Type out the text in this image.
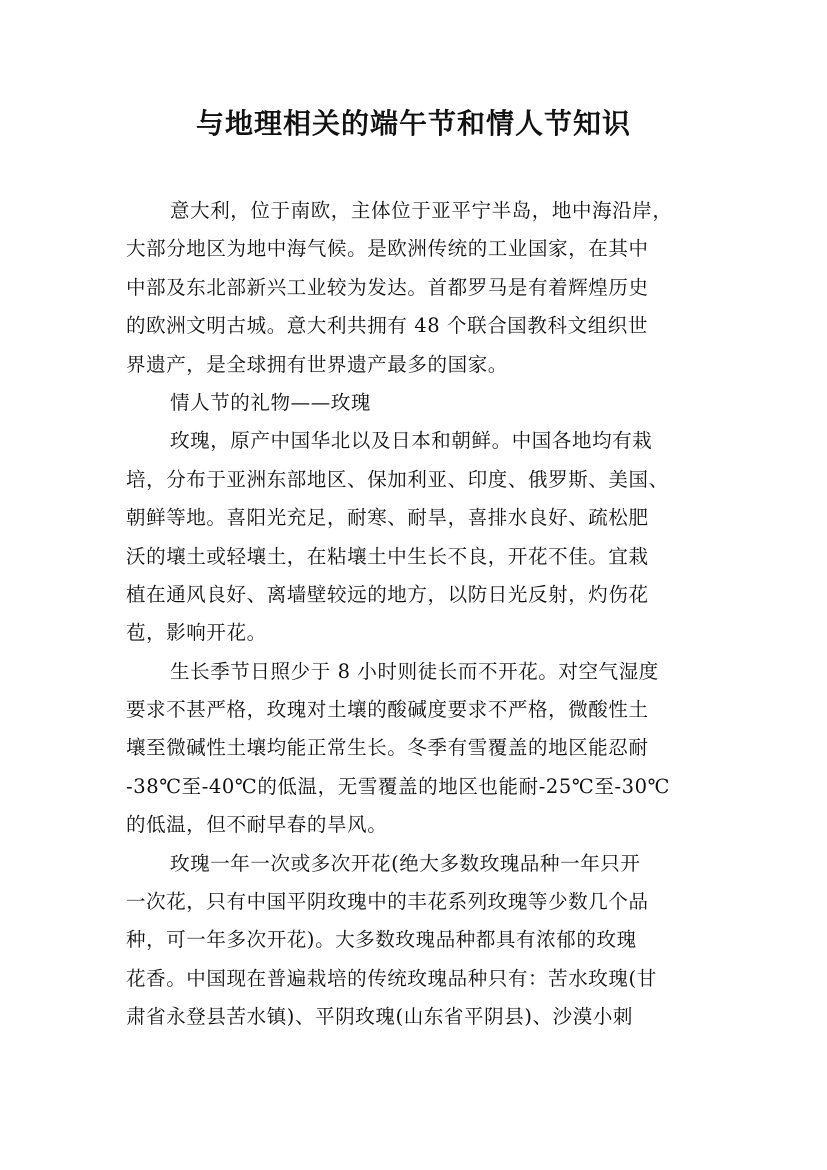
与地理相关的端午节和情人节知识
意大利，位于南欧，主体位于亚平宁半岛，地中海沿岸，
大部分地区为地中海气候。是欧洲传统的工业国家，在其中
中部及东北部新兴工业较为发达。首都罗马是有着辉煌历史
的欧洲文明古城。意大利共拥有 48 个联合国教科文组织世
界遗产，是全球拥有世界遗产最多的国家。
情人节的礼物——玫瑰
玫瑰，原产中国华北以及日本和朝鲜。中国各地均有栽
培，分布于亚洲东部地区、保加利亚、印度、俄罗斯、美国、
朝鲜等地。喜阳光充足，耐寒、耐旱，喜排水良好、疏松肥
沃的壤土或轻壤土，在粘壤土中生长不良，开花不佳。宜栽
植在通风良好、离墙壁较远的地方，以防日光反射，灼伤花
苞，影响开花。
生长季节日照少于 8 小时则徒长而不开花。对空气湿度
要求不甚严格，玫瑰对土壤的酸碱度要求不严格，微酸性土
壤至微碱性土壤均能正常生长。冬季有雪覆盖的地区能忍耐
-38℃至-40℃的低温，无雪覆盖的地区也能耐-25℃至-30℃
的低温，但不耐早春的旱风。
玫瑰一年一次或多次开花(绝大多数玫瑰品种一年只开
一次花，只有中国平阴玫瑰中的丰花系列玫瑰等少数几个品
种，可一年多次开花)。大多数玫瑰品种都具有浓郁的玫瑰
花香。中国现在普遍栽培的传统玫瑰品种只有：苦水玫瑰(甘
肃省永登县苦水镇)、平阴玫瑰(山东省平阴县)、沙漠小刺
